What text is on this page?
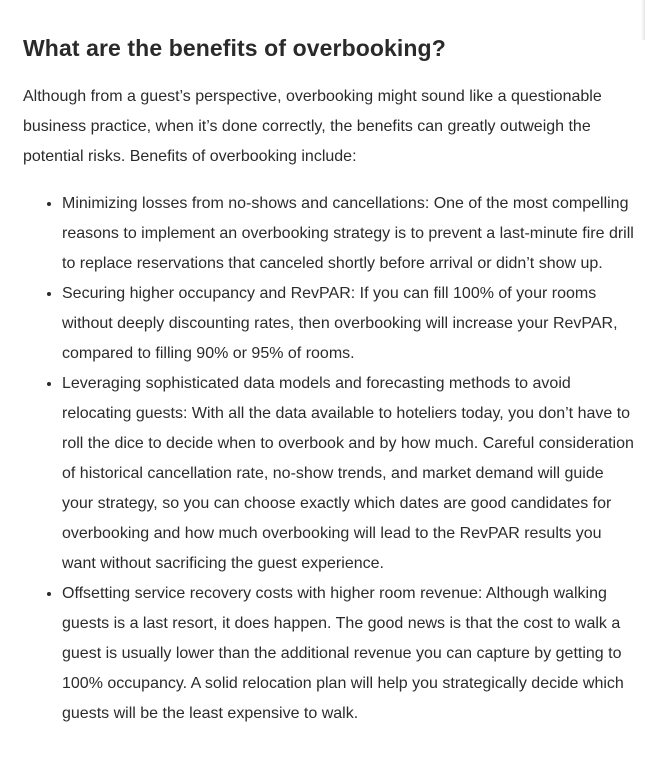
What are the benefits of overbooking?

Although from a guest’s perspective, overbooking might sound like a questionable business practice, when it’s done correctly, the benefits can greatly outweigh the potential risks. Benefits of overbooking include:

• Minimizing losses from no-shows and cancellations: One of the most compelling reasons to implement an overbooking strategy is to prevent a last-minute fire drill to replace reservations that canceled shortly before arrival or didn’t show up.
• Securing higher occupancy and RevPAR: If you can fill 100% of your rooms without deeply discounting rates, then overbooking will increase your RevPAR, compared to filling 90% or 95% of rooms.
• Leveraging sophisticated data models and forecasting methods to avoid relocating guests: With all the data available to hoteliers today, you don’t have to roll the dice to decide when to overbook and by how much. Careful consideration of historical cancellation rate, no-show trends, and market demand will guide your strategy, so you can choose exactly which dates are good candidates for overbooking and how much overbooking will lead to the RevPAR results you want without sacrificing the guest experience.
• Offsetting service recovery costs with higher room revenue: Although walking guests is a last resort, it does happen. The good news is that the cost to walk a guest is usually lower than the additional revenue you can capture by getting to 100% occupancy. A solid relocation plan will help you strategically decide which guests will be the least expensive to walk.
